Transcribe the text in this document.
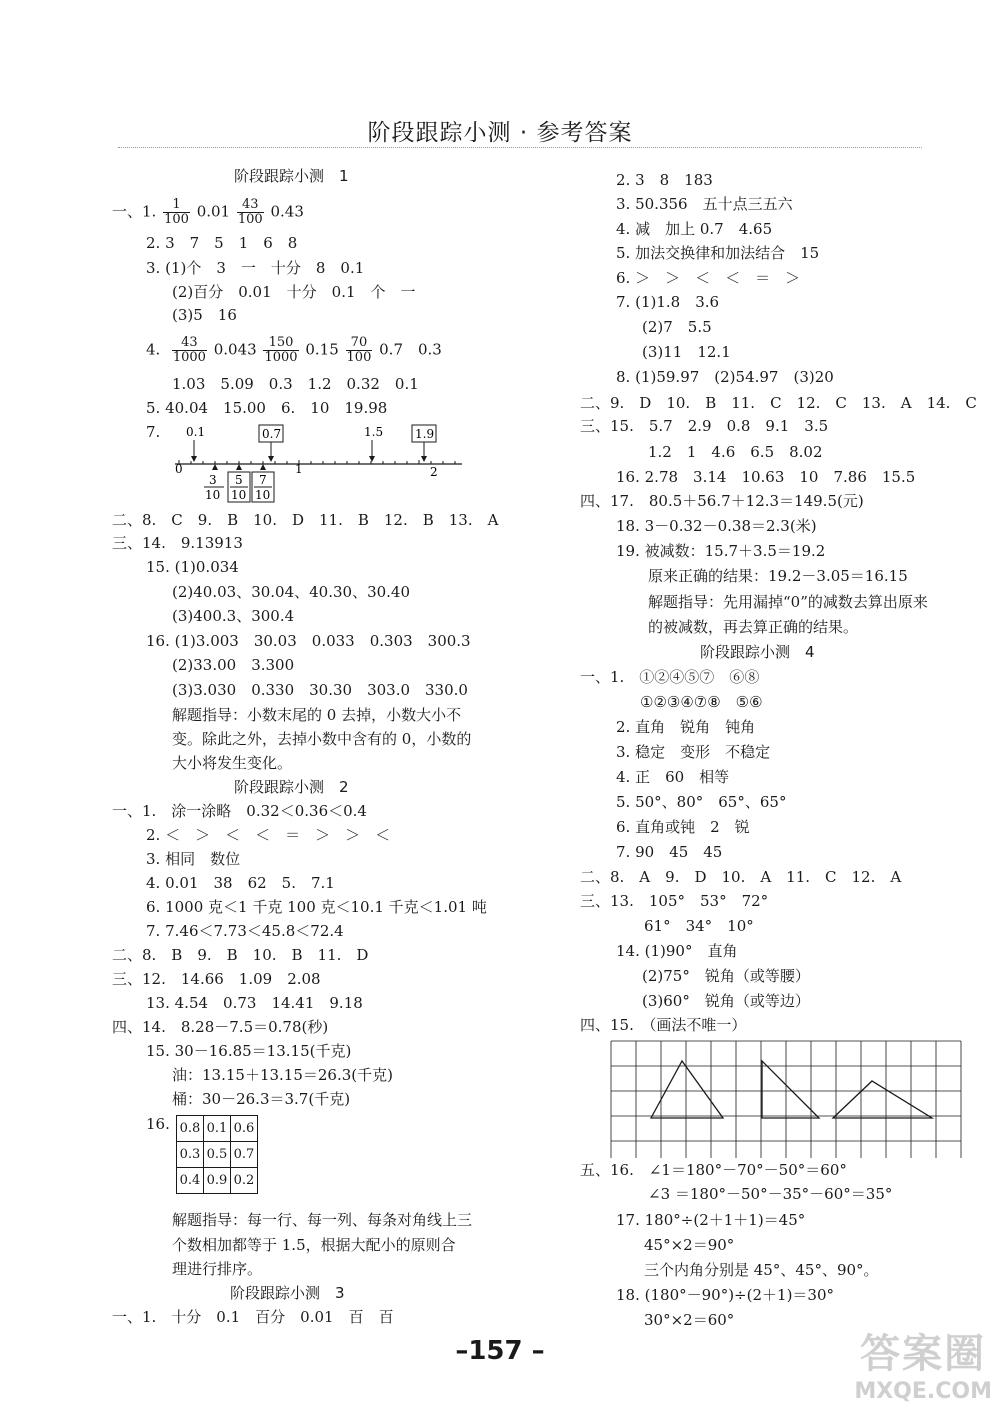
阶段跟踪小测 · 参考答案
阶段跟踪小测　1
一、1. $\frac{1}{100} 0.01 \frac{43}{100} 0.43$
2. 3　7　5　1　6　8
3. (1)个　3　一　十分　8　0.1
(2)百分　0.01　十分　0.1　个　一
(3)5　16
4. $\frac{43}{1000} 0.043 \frac{150}{1000} 0.15 \frac{70}{100} 0.7$　0.3
1.03　5.09　0.3　1.2　0.32　0.1
5. 40.04　15.00　6.　10　19.98
7. 0.1	0.7	1.5	1.9
0	1	2
3
10
5
10
7
10
二、8.　C　9.　B　10.　D　11.　B　12.　B　13.　A
三、14.　9.13913
15. (1)0.034
(2)40.03、30.04、40.30、30.40
(3)400.3、300.4
16. (1)3.003　30.03　0.033　0.303　300.3
(2)33.00　3.300
(3)3.030　0.330　30.30　303.0　330.0
解题指导：小数末尾的 0 去掉，小数大小不
变。除此之外，去掉小数中含有的 0，小数的
大小将发生变化。
阶段跟踪小测　2
一、1.　涂一涂略　0.32＜0.36＜0.4
2. ＜　＞　＜　＜　＝　＞　＞　＜
3. 相同　数位
4. 0.01　38　62　5.　7.1
6. 1000 克＜1 千克 100 克＜10.1 千克＜1.01 吨
7. 7.46＜7.73＜45.8＜72.4
二、8.　B　9.　B　10.　B　11.　D
三、12.　14.66　1.09　2.08
13. 4.54　0.73　14.41　9.18
四、14.　8.28－7.5＝0.78(秒)
15. 30－16.85＝13.15(千克)
油：13.15＋13.15＝26.3(千克)
桶：30－26.3＝3.7(千克)
16. 0.8	0.1	0.6
0.3	0.5	0.7
0.4	0.9	0.2
解题指导：每一行、每一列、每条对角线上三
个数相加都等于 1.5，根据大配小的原则合
理进行排序。
阶段跟踪小测　3
一、1.　十分　0.1　百分　0.01　百　百
2. 3　8　183
3. 50.356　五十点三五六
4. 减　加上 0.7　4.65
5. 加法交换律和加法结合　15
6. ＞　＞　＜　＜　＝　＞
7. (1)1.8　3.6
(2)7　5.5
(3)11　12.1
8. (1)59.97　(2)54.97　(3)20
二、9.　D　10.　B　11.　C　12.　C　13.　A　14.　C
三、15.　5.7　2.9　0.8　9.1　3.5
1.2　1　4.6　6.5　8.02
16. 2.78　3.14　10.63　10　7.86　15.5
四、17.　80.5＋56.7＋12.3＝149.5(元)
18. 3－0.32－0.38＝2.3(米)
19. 被减数：15.7＋3.5＝19.2
原来正确的结果：19.2－3.05＝16.15
解题指导：先用漏掉“0”的减数去算出原来
的被减数，再去算正确的结果。
阶段跟踪小测　4
一、1.　①②④⑤⑦　⑥⑧
①②③④⑦⑧　⑤⑥
2. 直角　锐角　钝角
3. 稳定　变形　不稳定
4. 正　60　相等
5. 50°、80°　65°、65°
6. 直角或钝　2　锐
7. 90　45　45
二、8.　A　9.　D　10.　A　11.　C　12.　A
三、13.　105°　53°　72°
61°　34°　10°
14. (1)90°　直角
(2)75°　锐角（或等腰）
(3)60°　锐角（或等边）
四、15.　（画法不唯一）
五、16.　∠1＝180°－70°－50°＝60°
∠3 ＝180°－50°－35°－60°＝35°
17. 180°÷(2＋1＋1)＝45°
45°×2＝90°
三个内角分别是 45°、45°、90°。
18. (180°－90°)÷(2＋1)＝30°
30°×2＝60°
–157 –	答案圈
MXQE.COM
